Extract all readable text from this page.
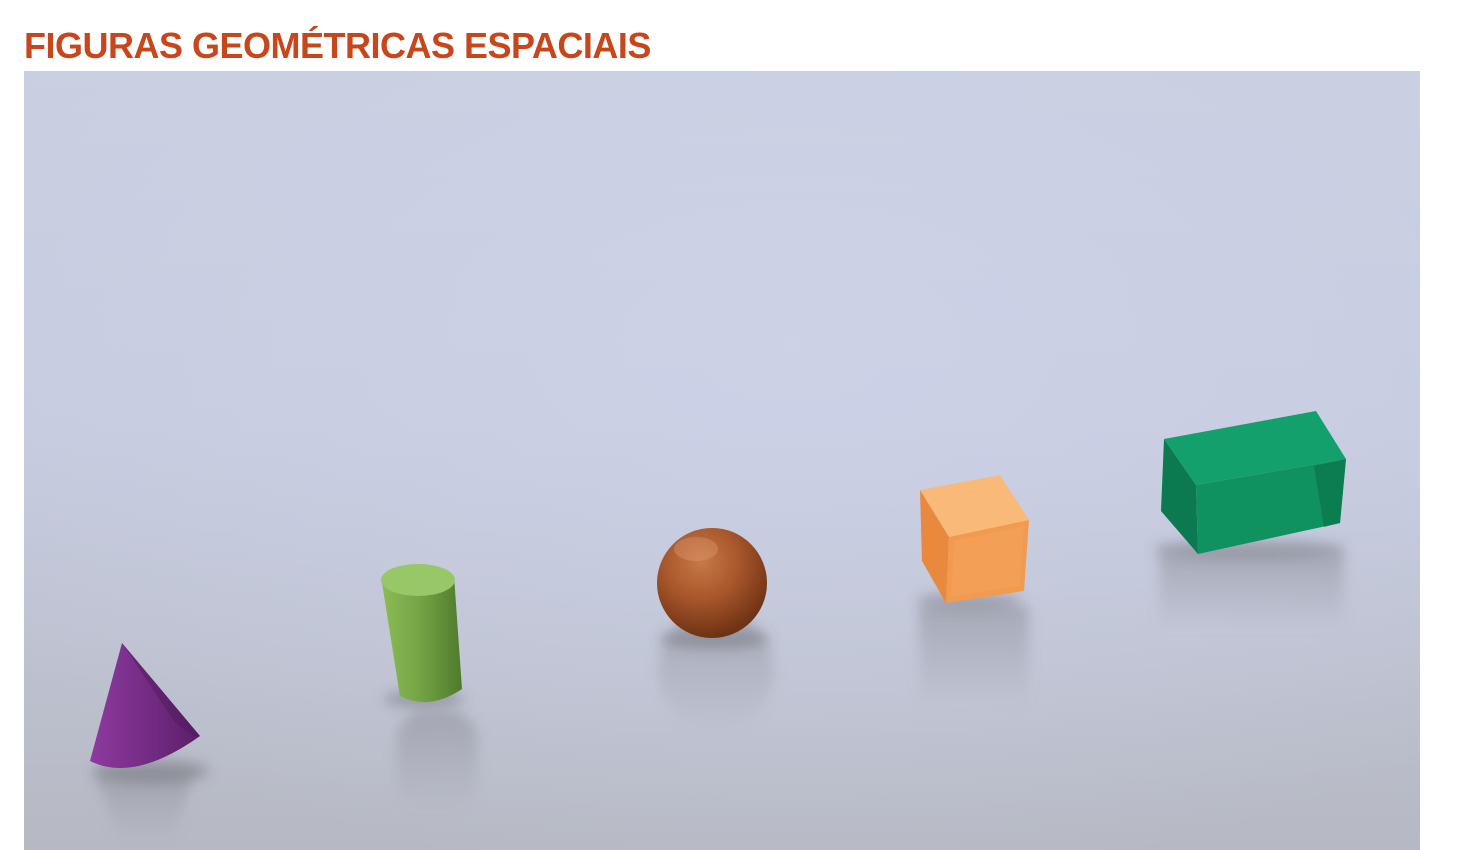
FIGURAS GEOMÉTRICAS ESPACIAIS
